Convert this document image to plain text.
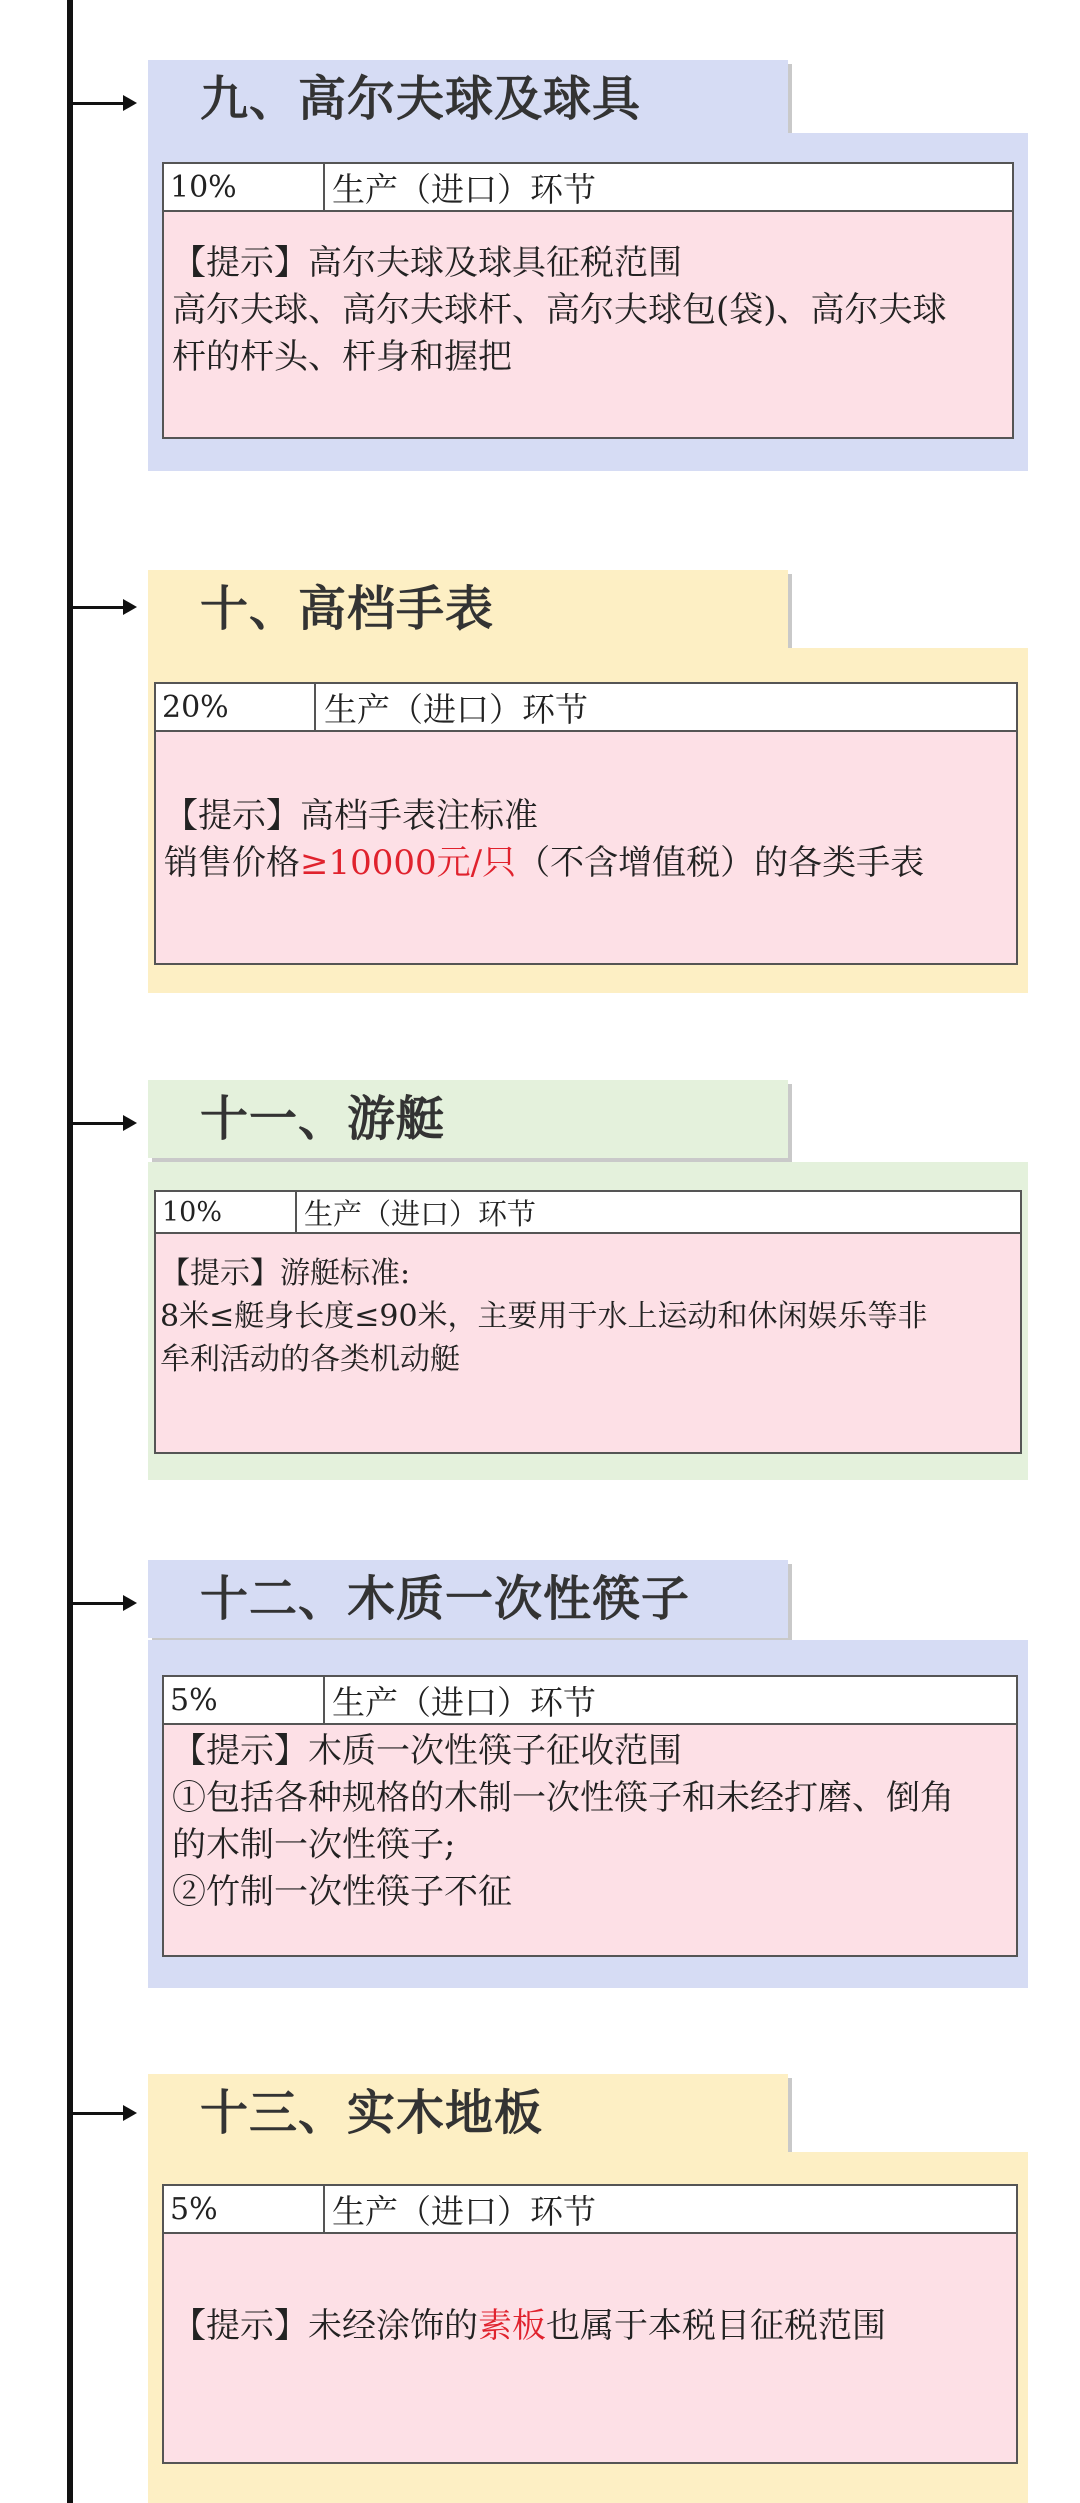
九、高尔夫球及球具
10%	生产（进口）环节

【提示】高尔夫球及球具征税范围

高尔夫球、高尔夫球杆、高尔夫球包(袋)、高尔夫球

杆的杆头、杆身和握把

十、高档手表
20%	生产（进口）环节

【提示】高档手表注标准

销售价格≥10000元/只（不含增值税）的各类手表

十一、游艇
10%	生产（进口）环节

【提示】游艇标准:

8米≤艇身长度≤90米，主要用于水上运动和休闲娱乐等非

牟利活动的各类机动艇

十二、木质一次性筷子
5%	生产（进口）环节

【提示】木质一次性筷子征收范围

①包括各种规格的木制一次性筷子和未经打磨、倒角

的木制一次性筷子;

②竹制一次性筷子不征

十三、实木地板
5%	生产（进口）环节

【提示】未经涂饰的素板也属于本税目征税范围
